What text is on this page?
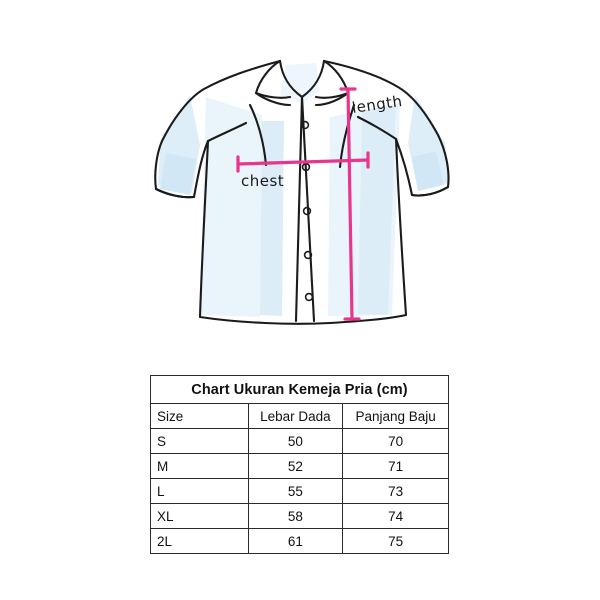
chest
length
Chart Ukuran Kemeja Pria (cm)		
Size	Lebar Dada	Panjang Baju
S	50	70
M	52	71
L	55	73
XL	58	74
2L	61	75
